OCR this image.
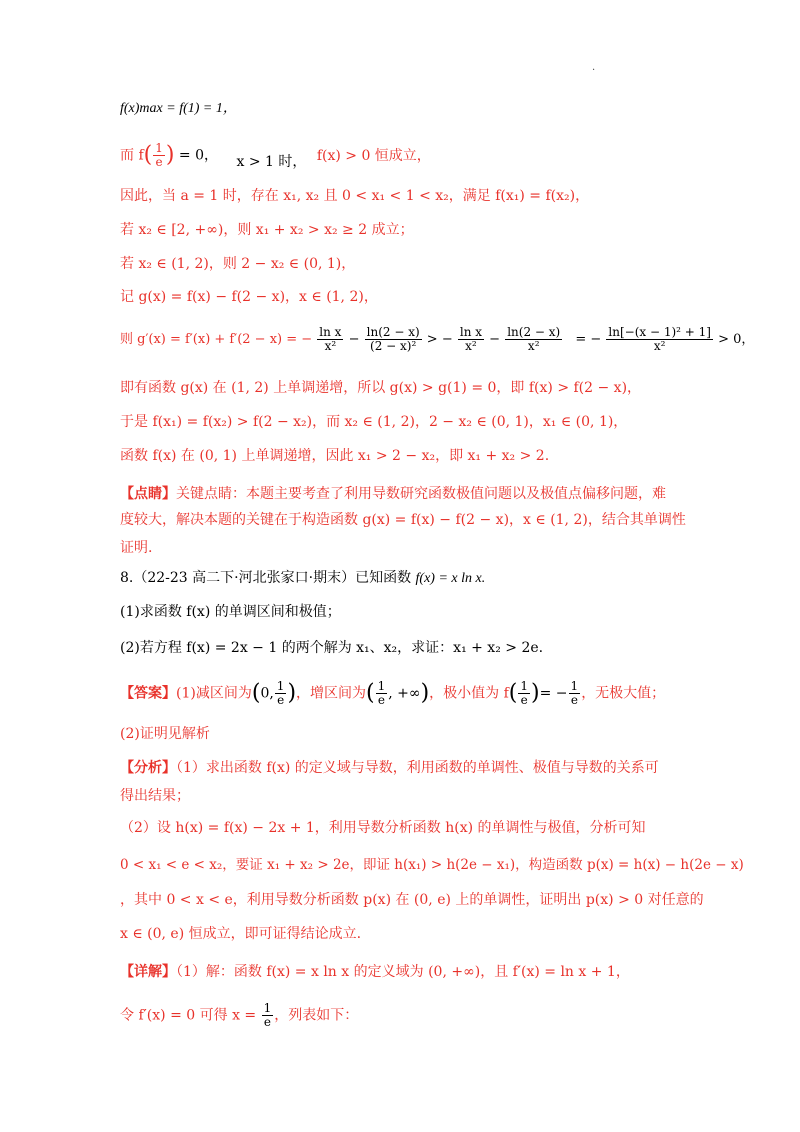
.
f(x)max = f(1) = 1，
而 $f( \frac{1}{e}$ ) = 0， x > 1 时， f(x) > 0 恒成立，
因此，当 a = 1 时，存在 x₁, x₂ 且 0 < x₁ < 1 < x₂，满足 f(x₁) = f(x₂)，
若 x₂ ∈ [2, +∞)，则 x₁ + x₂ > x₂ ≥ 2 成立；
若 x₂ ∈ (1, 2)，则 2 − x₂ ∈ (0, 1)，
记 g(x) = f(x) − f(2 − x)，x ∈ (1, 2)，
则 g′(x) = f′(x) + f′(2 − x) = − $\frac{\text{ln x}}{\text{x²}} - \frac{\ln(2 - x)}{\text{(2 − x)²}}$ > − $\frac{\text{ln x}}{\text{x²}} - \frac{\ln(2 - x)}{\text{x²}}$ = − $\frac{\text{ln[−(x − 1)² + 1]}}{\text{x²}} > 0$，
即有函数 g(x) 在 (1, 2) 上单调递增，所以 g(x) > g(1) = 0，即 f(x) > f(2 − x)，
于是 f(x₁) = f(x₂) > f(2 − x₂)，而 x₂ ∈ (1, 2)，2 − x₂ ∈ (0, 1)，x₁ ∈ (0, 1)，
函数 f(x) 在 (0, 1) 上单调递增，因此 x₁ > 2 − x₂，即 x₁ + x₂ > 2.
【点睛】关键点睛：本题主要考查了利用导数研究函数极值问题以及极值点偏移问题，难
度较大，解决本题的关键在于构造函数 g(x) = f(x) − f(2 − x)，x ∈ (1, 2)，结合其单调性
证明.
8.（22-23 高二下·河北张家口·期末）已知函数 f(x) = x ln x.
(1)求函数 f(x) 的单调区间和极值；
(2)若方程 f(x) = 2x − 1 的两个解为 x₁、x₂，求证：x₁ + x₂ > 2e.
【答案】(1)减区间为(0, $\frac{1}{e}$ )，增区间为( $\frac{1}{e}$ , +∞)，极小值为 $f( \frac{1}{e}$ )= − $\frac{1}{e}$ ，无极大值；
(2)证明见解析
【分析】（1）求出函数 f(x) 的定义域与导数，利用函数的单调性、极值与导数的关系可
得出结果；
（2）设 h(x) = f(x) − 2x + 1，利用导数分析函数 h(x) 的单调性与极值，分析可知
0 < x₁ < e < x₂，要证 x₁ + x₂ > 2e，即证 h(x₁) > h(2e − x₁)，构造函数 p(x) = h(x) − h(2e − x)
，其中 0 < x < e，利用导数分析函数 p(x) 在 (0, e) 上的单调性，证明出 p(x) > 0 对任意的
x ∈ (0, e) 恒成立，即可证得结论成立.
【详解】（1）解：函数 f(x) = x ln x 的定义域为 (0, +∞)，且 f′(x) = ln x + 1，
令 f′(x) = 0 可得 $x = \frac{1}{e}$ ，列表如下：
